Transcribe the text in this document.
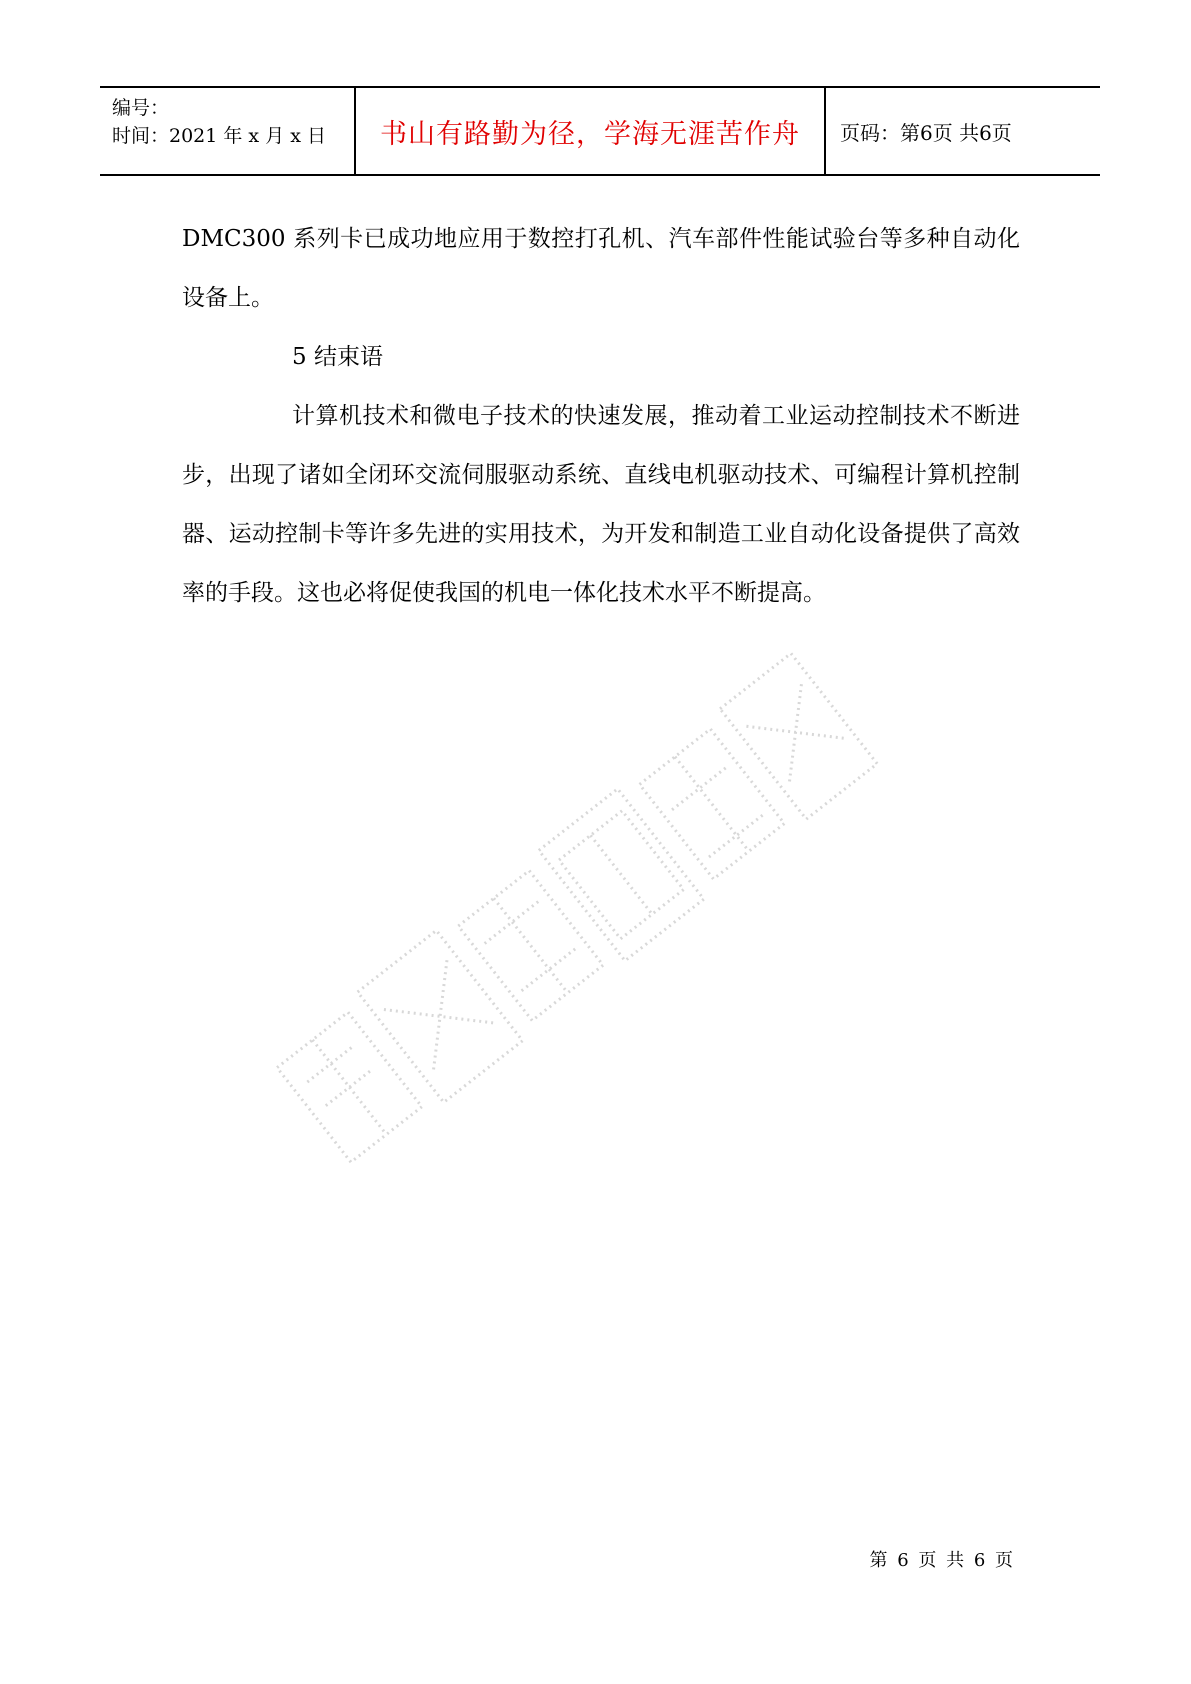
编号：
时间：2021 年 x 月 x 日 书山有路勤为径，学海无涯苦作舟 页码：第6页 共6页

DMC300 系列卡已成功地应用于数控打孔机、汽车部件性能试验台等多种自动化设备上。

5 结束语

计算机技术和微电子技术的快速发展，推动着工业运动控制技术不断进步，出现了诸如全闭环交流伺服驱动系统、直线电机驱动技术、可编程计算机控制器、运动控制卡等许多先进的实用技术，为开发和制造工业自动化设备提供了高效率的手段。这也必将促使我国的机电一体化技术水平不断提高。

第 6 页 共 6 页
